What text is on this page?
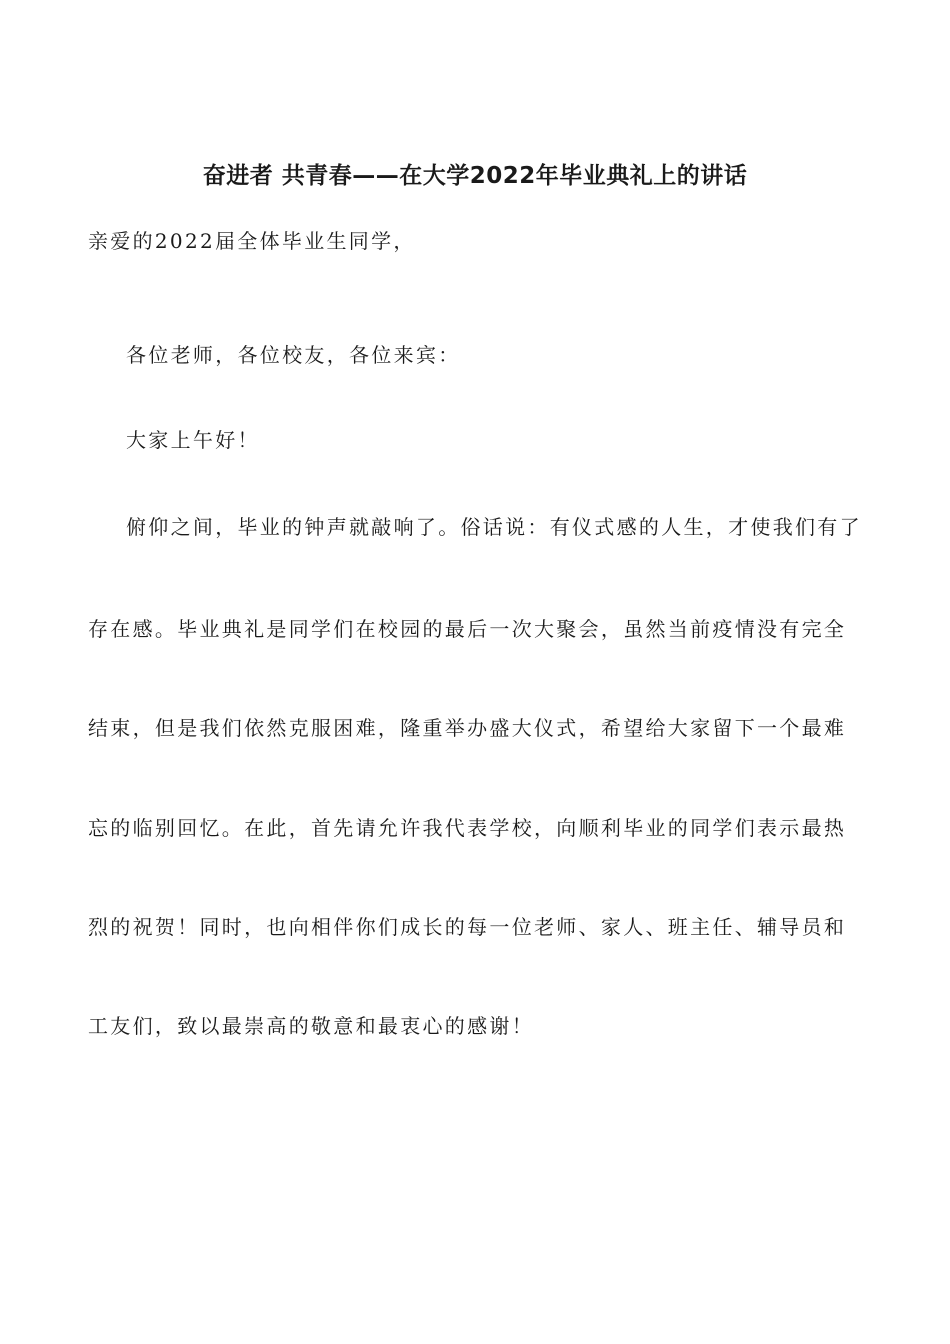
奋进者 共青春——在大学2022年毕业典礼上的讲话

亲爱的2022届全体毕业生同学，

各位老师，各位校友，各位来宾：

大家上午好！

俯仰之间，毕业的钟声就敲响了。俗话说：有仪式感的人生，才使我们有了

存在感。毕业典礼是同学们在校园的最后一次大聚会，虽然当前疫情没有完全

结束，但是我们依然克服困难，隆重举办盛大仪式，希望给大家留下一个最难

忘的临别回忆。在此，首先请允许我代表学校，向顺利毕业的同学们表示最热

烈的祝贺！同时，也向相伴你们成长的每一位老师、家人、班主任、辅导员和

工友们，致以最崇高的敬意和最衷心的感谢！
